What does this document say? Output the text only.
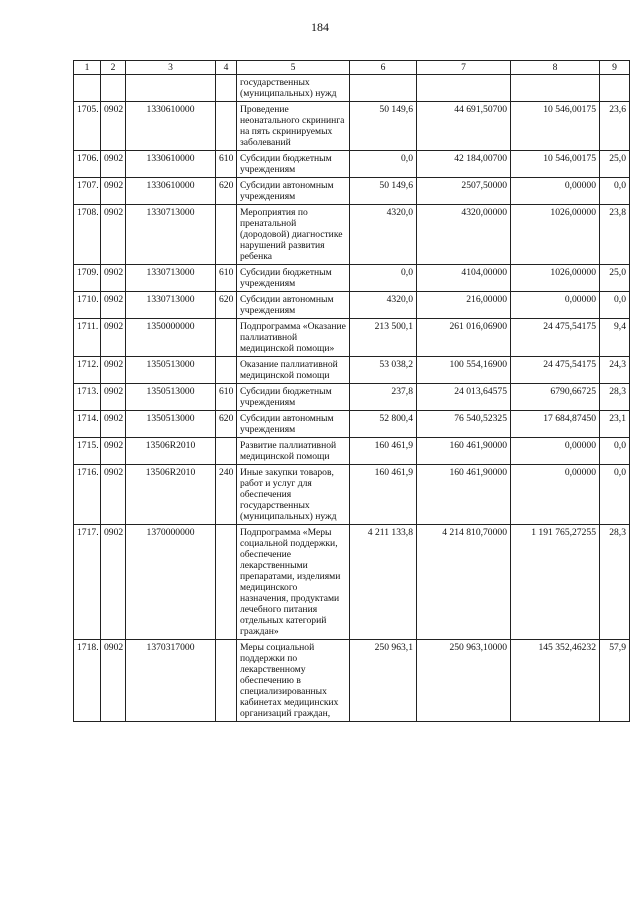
184
1	2	3	4	5	6	7	8	9
				государственных (муниципальных) нужд				
1705.	0902	1330610000		Проведение неонатального скрининга на пять скринируемых заболеваний	50 149,6	44 691,50700	10 546,00175	23,6
1706.	0902	1330610000	610	Субсидии бюджетным учреждениям	0,0	42 184,00700	10 546,00175	25,0
1707.	0902	1330610000	620	Субсидии автономным учреждениям	50 149,6	2507,50000	0,00000	0,0
1708.	0902	1330713000		Мероприятия по пренатальной (дородовой) диагностике нарушений развития ребенка	4320,0	4320,00000	1026,00000	23,8
1709.	0902	1330713000	610	Субсидии бюджетным учреждениям	0,0	4104,00000	1026,00000	25,0
1710.	0902	1330713000	620	Субсидии автономным учреждениям	4320,0	216,00000	0,00000	0,0
1711.	0902	1350000000		Подпрограмма «Оказание паллиативной медицинской помощи»	213 500,1	261 016,06900	24 475,54175	9,4
1712.	0902	1350513000		Оказание паллиативной медицинской помощи	53 038,2	100 554,16900	24 475,54175	24,3
1713.	0902	1350513000	610	Субсидии бюджетным учреждениям	237,8	24 013,64575	6790,66725	28,3
1714.	0902	1350513000	620	Субсидии автономным учреждениям	52 800,4	76 540,52325	17 684,87450	23,1
1715.	0902	13506R2010		Развитие паллиативной медицинской помощи	160 461,9	160 461,90000	0,00000	0,0
1716.	0902	13506R2010	240	Иные закупки товаров, работ и услуг для обеспечения государственных (муниципальных) нужд	160 461,9	160 461,90000	0,00000	0,0
1717.	0902	1370000000		Подпрограмма «Меры социальной поддержки, обеспечение лекарственными препаратами, изделиями медицинского назначения, продуктами лечебного питания отдельных категорий граждан»	4 211 133,8	4 214 810,70000	1 191 765,27255	28,3
1718.	0902	1370317000		Меры социальной поддержки по лекарственному обеспечению в специализированных кабинетах медицинских организаций граждан,	250 963,1	250 963,10000	145 352,46232	57,9
